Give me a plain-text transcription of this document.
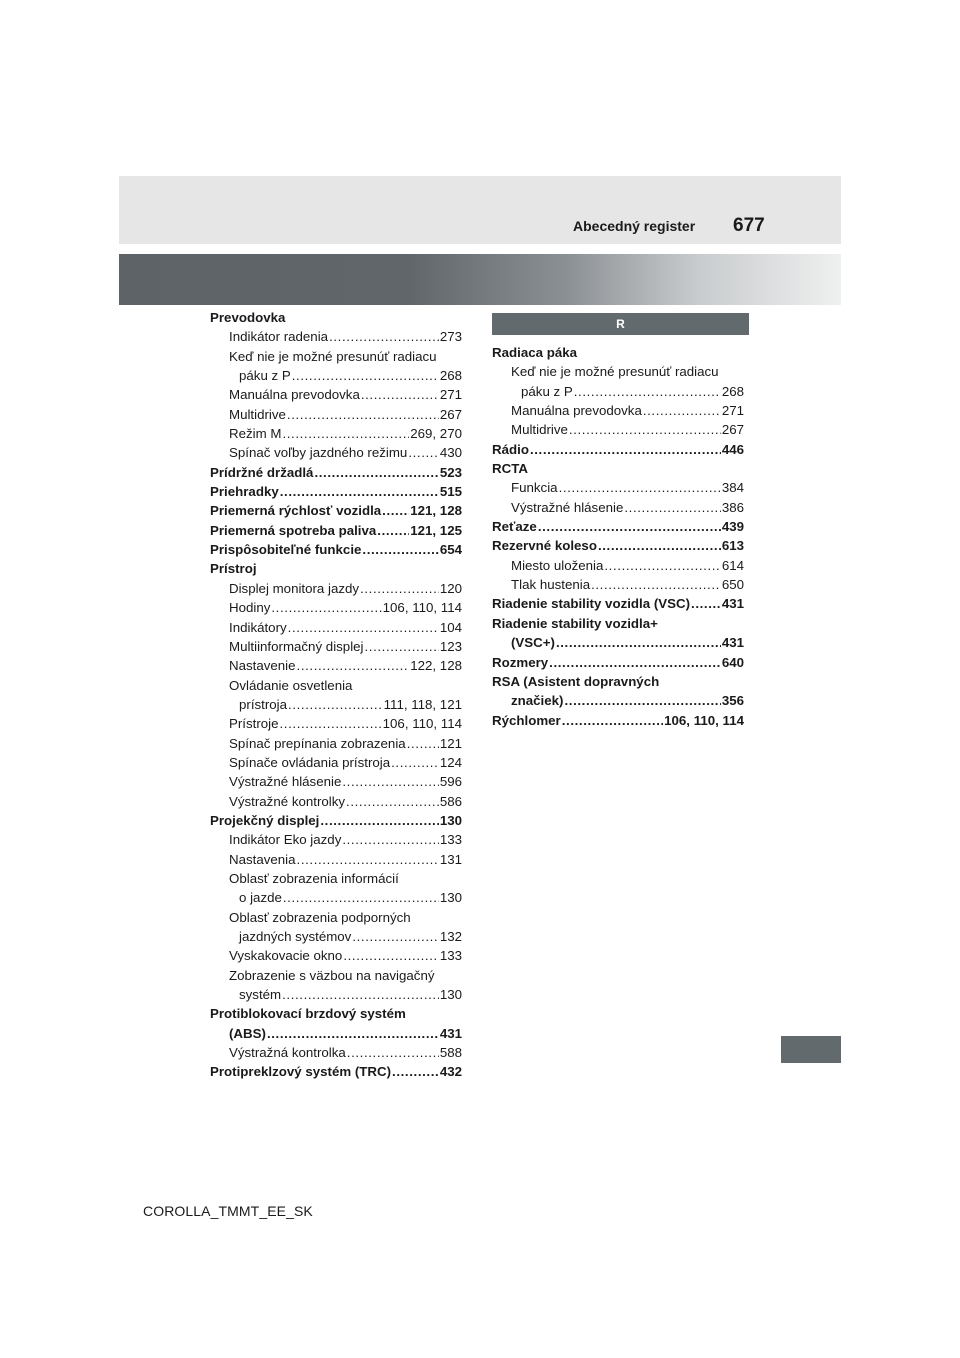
Abecedný register 677
Prevodovka
Indikátor radenia .....	273
Keď nie je možné presunúť radiacu
páku z P .....	268
Manuálna prevodovka .....	271
Multidrive .....	267
Režim M .....	269, 270
Spínač voľby jazdného režimu ..... 430
Prídržné držadlá .....	523
Priehradky .....	515
Priemerná rýchlosť vozidla ..... 121, 128
Priemerná spotreba paliva .....	121, 125
Prispôsobiteľné funkcie .....	654
Prístroj
Displej monitora jazdy .....	120
Hodiny .....	106, 110, 114
Indikátory .....	104
Multiinformačný displej .....	123
Nastavenie .....	122, 128
Ovládanie osvetlenia
prístroja .....	111, 118, 121
Prístroje .....	106, 110, 114
Spínač prepínania zobrazenia .....	121
Spínače ovládania prístroja .....	124
Výstražné hlásenie .....	596
Výstražné kontrolky .....	586
Projekčný displej .....	130
Indikátor Eko jazdy .....	133
Nastavenia .....	131
Oblasť zobrazenia informácií
o jazde .....	130
Oblasť zobrazenia podporných
jazdných systémov .....	132
Vyskakovacie okno .....	133
Zobrazenie s väzbou na navigačný
systém .....	130
Protiblokovací brzdový systém
(ABS) .....	431
Výstražná kontrolka .....	588
Protipreklzový systém (TRC) .....	432
R
Radiaca páka
Keď nie je možné presunúť radiacu
páku z P .....	268
Manuálna prevodovka .....	271
Multidrive .....	267
Rádio .....	446
RCTA
Funkcia .....	384
Výstražné hlásenie .....	386
Reťaze .....	439
Rezervné koleso .....	613
Miesto uloženia .....	614
Tlak hustenia .....	650
Riadenie stability vozidla (VSC) ..... 431
Riadenie stability vozidla+
(VSC+) .....	431
Rozmery .....	640
RSA (Asistent dopravných
značiek) .....	356
Rýchlomer .....	106, 110, 114
COROLLA_TMMT_EE_SK
